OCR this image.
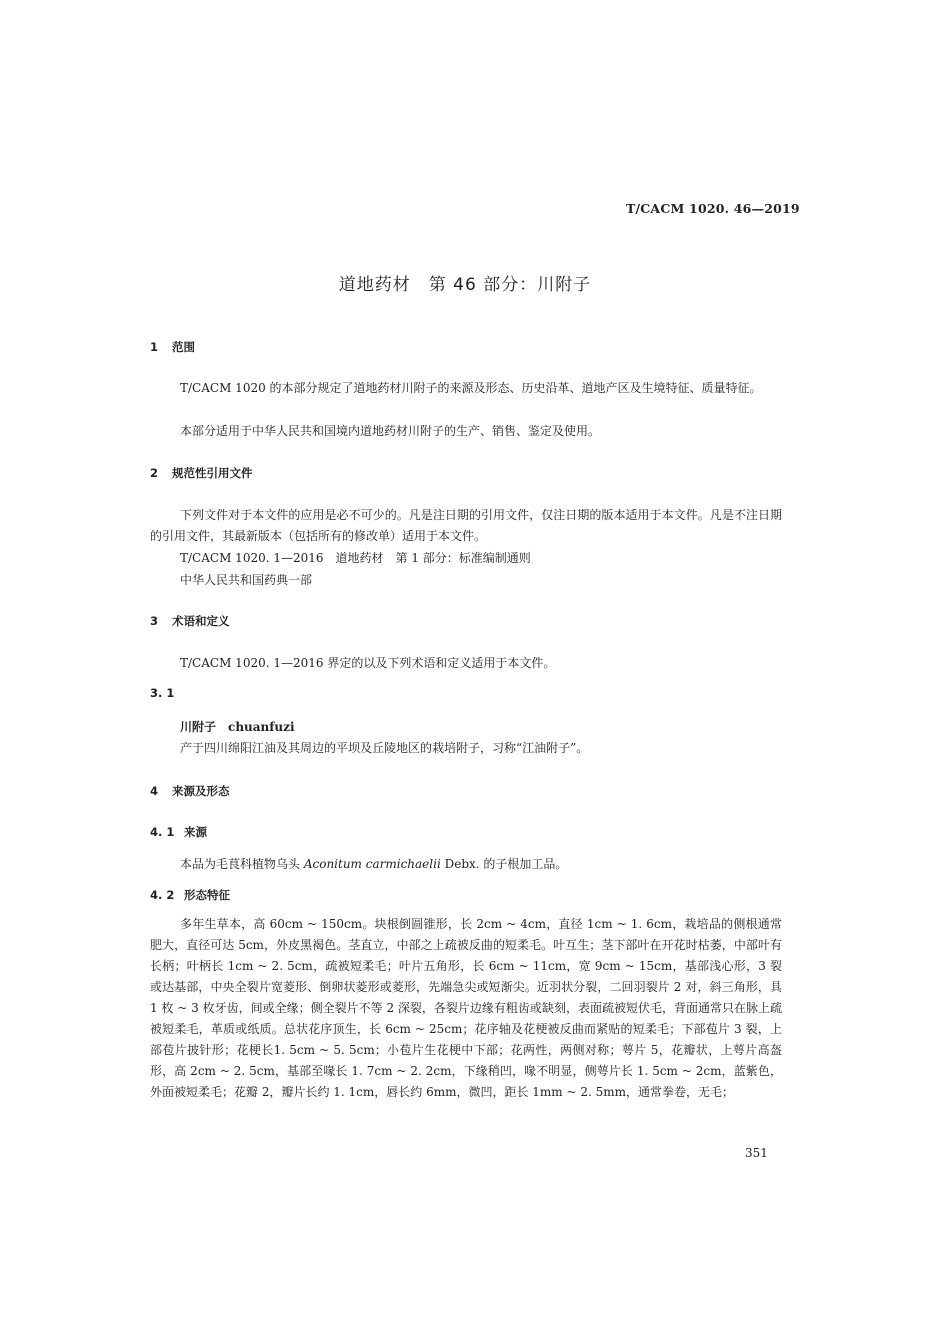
T/CACM 1020. 46—2019
道地药材　第 46 部分：川附子
1 范围

T/CACM 1020 的本部分规定了道地药材川附子的来源及形态、历史沿革、道地产区及生境特征、质量特征。

本部分适用于中华人民共和国境内道地药材川附子的生产、销售、鉴定及使用。

2 规范性引用文件

下列文件对于本文件的应用是必不可少的。凡是注日期的引用文件，仅注日期的版本适用于本文件。凡是不注日期的引用文件，其最新版本（包括所有的修改单）适用于本文件。

T/CACM 1020. 1—2016　道地药材　第 1 部分：标准编制通则

中华人民共和国药典一部

3 术语和定义

T/CACM 1020. 1—2016 界定的以及下列术语和定义适用于本文件。

3. 1
川附子 chuanfuzi

产于四川绵阳江油及其周边的平坝及丘陵地区的栽培附子，习称“江油附子”。

4 来源及形态
4. 1 来源

本品为毛茛科植物乌头 Aconitum carmichaelii Debx. 的子根加工品。

4. 2 形态特征

多年生草本，高 60cm ~ 150cm。块根倒圆锥形，长 2cm ~ 4cm，直径 1cm ~ 1. 6cm，栽培品的侧根通常肥大，直径可达 5cm，外皮黑褐色。茎直立，中部之上疏被反曲的短柔毛。叶互生；茎下部叶在开花时枯萎，中部叶有长柄；叶柄长 1cm ~ 2. 5cm，疏被短柔毛；叶片五角形，长 6cm ~ 11cm，宽 9cm ~ 15cm，基部浅心形，3 裂或达基部，中央全裂片宽菱形、倒卵状菱形或菱形，先端急尖或短渐尖。近羽状分裂，二回羽裂片 2 对，斜三角形，具 1 枚 ~ 3 枚牙齿，间或全缘；侧全裂片不等 2 深裂，各裂片边缘有粗齿或缺刻，表面疏被短伏毛，背面通常只在脉上疏被短柔毛，革质或纸质。总状花序顶生，长 6cm ~ 25cm；花序轴及花梗被反曲而紧贴的短柔毛；下部苞片 3 裂，上部苞片披针形；花梗长1. 5cm ~ 5. 5cm；小苞片生花梗中下部；花两性，两侧对称；萼片 5，花瓣状，上萼片高盔形，高 2cm ~ 2. 5cm，基部至喙长 1. 7cm ~ 2. 2cm，下缘稍凹，喙不明显，侧萼片长 1. 5cm ~ 2cm，蓝紫色，外面被短柔毛；花瓣 2，瓣片长约 1. 1cm，唇长约 6mm，微凹，距长 1mm ~ 2. 5mm，通常拳卷，无毛；

351
